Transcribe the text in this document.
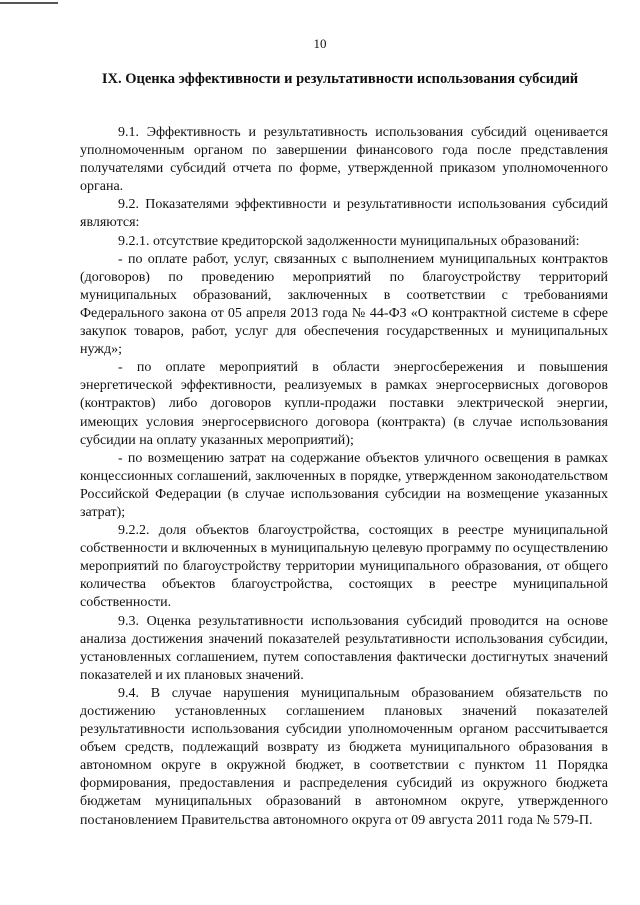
10
IX. Оценка эффективности и результативности использования субсидий

9.1. Эффективность и результативность использования субсидий оценивается уполномоченным органом по завершении финансового года после представления получателями субсидий отчета по форме, утвержденной приказом уполномоченного органа.

9.2. Показателями эффективности и результативности использования субсидий являются:

9.2.1. отсутствие кредиторской задолженности муниципальных образований:

- по оплате работ, услуг, связанных с выполнением муниципальных контрактов (договоров) по проведению мероприятий по благоустройству территорий муниципальных образований, заключенных в соответствии с требованиями Федерального закона от 05 апреля 2013 года № 44-ФЗ «О контрактной системе в сфере закупок товаров, работ, услуг для обеспечения государственных и муниципальных нужд»;

- по оплате мероприятий в области энергосбережения и повышения энергетической эффективности, реализуемых в рамках энергосервисных договоров (контрактов) либо договоров купли-продажи поставки электрической энергии, имеющих условия энергосервисного договора (контракта) (в случае использования субсидии на оплату указанных мероприятий);

- по возмещению затрат на содержание объектов уличного освещения в рамках концессионных соглашений, заключенных в порядке, утвержденном законодательством Российской Федерации (в случае использования субсидии на возмещение указанных затрат);

9.2.2. доля объектов благоустройства, состоящих в реестре муниципальной собственности и включенных в муниципальную целевую программу по осуществлению мероприятий по благоустройству территории муниципального образования, от общего количества объектов благоустройства, состоящих в реестре муниципальной собственности.

9.3. Оценка результативности использования субсидий проводится на основе анализа достижения значений показателей результативности использования субсидии, установленных соглашением, путем сопоставления фактически достигнутых значений показателей и их плановых значений.

9.4. В случае нарушения муниципальным образованием обязательств по достижению установленных соглашением плановых значений показателей результативности использования субсидии уполномоченным органом рассчитывается объем средств, подлежащий возврату из бюджета муниципального образования в автономном округе в окружной бюджет, в соответствии с пунктом 11 Порядка формирования, предоставления и распределения субсидий из окружного бюджета бюджетам муниципальных образований в автономном округе, утвержденного постановлением Правительства автономного округа от 09 августа 2011 года № 579-П.
